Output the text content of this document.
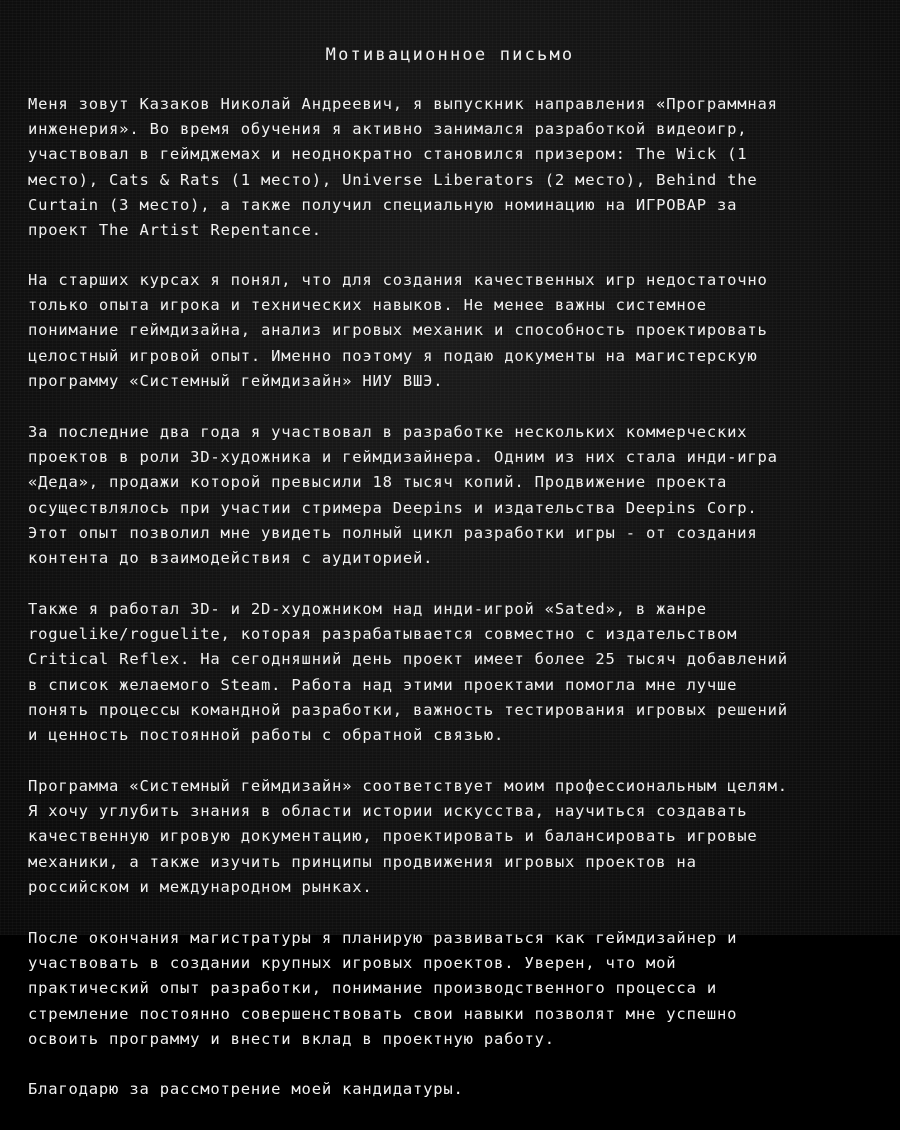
Мотивационное письмо

Меня зовут Казаков Николай Андреевич, я выпускник направления «Программная
инженерия». Во время обучения я активно занимался разработкой видеоигр,
участвовал в геймджемах и неоднократно становился призером: The Wick (1
место), Cats & Rats (1 место), Universe Liberators (2 место), Behind the
Curtain (3 место), а также получил специальную номинацию на ИГРОВАР за
проект The Artist Repentance.

На старших курсах я понял, что для создания качественных игр недостаточно
только опыта игрока и технических навыков. Не менее важны системное
понимание геймдизайна, анализ игровых механик и способность проектировать
целостный игровой опыт. Именно поэтому я подаю документы на магистерскую
программу «Системный геймдизайн» НИУ ВШЭ.

За последние два года я участвовал в разработке нескольких коммерческих
проектов в роли 3D-художника и геймдизайнера. Одним из них стала инди-игра
«Деда», продажи которой превысили 18 тысяч копий. Продвижение проекта
осуществлялось при участии стримера Deepins и издательства Deepins Corp.
Этот опыт позволил мне увидеть полный цикл разработки игры - от создания
контента до взаимодействия с аудиторией.

Также я работал 3D- и 2D-художником над инди-игрой «Sated», в жанре
roguelike/roguelite, которая разрабатывается совместно с издательством
Critical Reflex. На сегодняшний день проект имеет более 25 тысяч добавлений
в список желаемого Steam. Работа над этими проектами помогла мне лучше
понять процессы командной разработки, важность тестирования игровых решений
и ценность постоянной работы с обратной связью.

Программа «Системный геймдизайн» соответствует моим профессиональным целям.
Я хочу углубить знания в области истории искусства, научиться создавать
качественную игровую документацию, проектировать и балансировать игровые
механики, а также изучить принципы продвижения игровых проектов на
российском и международном рынках.

После окончания магистратуры я планирую развиваться как геймдизайнер и
участвовать в создании крупных игровых проектов. Уверен, что мой
практический опыт разработки, понимание производственного процесса и
стремление постоянно совершенствовать свои навыки позволят мне успешно
освоить программу и внести вклад в проектную работу.

Благодарю за рассмотрение моей кандидатуры.
